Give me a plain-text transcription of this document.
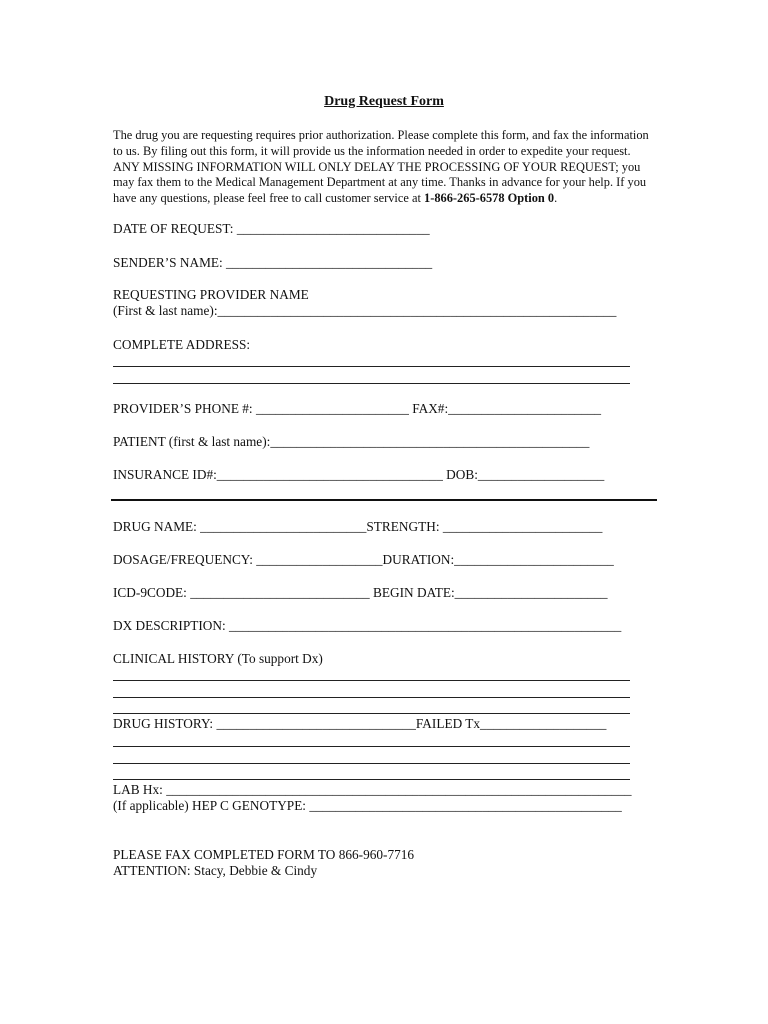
Drug Request Form
The drug you are requesting requires prior authorization. Please complete this form, and fax the information to us. By filing out this form, it will provide us the information needed in order to expedite your request. ANY MISSING INFORMATION WILL ONLY DELAY THE PROCESSING OF YOUR REQUEST; you may fax them to the Medical Management Department at any time. Thanks in advance for your help. If you have any questions, please feel free to call customer service at 1-866-265-6578 Option 0.
DATE OF REQUEST: _____________________________
SENDER’S NAME: _______________________________
REQUESTING PROVIDER NAME
(First & last name):____________________________________________________________
COMPLETE ADDRESS:
PROVIDER’S PHONE #: _______________________ FAX#:_______________________
PATIENT (first & last name):________________________________________________
INSURANCE ID#:__________________________________ DOB:___________________
DRUG NAME: _________________________STRENGTH: ________________________
DOSAGE/FREQUENCY: ___________________DURATION:________________________
ICD-9CODE: ___________________________ BEGIN DATE:_______________________
DX DESCRIPTION: ___________________________________________________________
CLINICAL HISTORY (To support Dx)
DRUG HISTORY: ______________________________FAILED Tx___________________
LAB Hx: ______________________________________________________________________
(If applicable) HEP C GENOTYPE: _______________________________________________
PLEASE FAX COMPLETED FORM TO 866-960-7716
ATTENTION: Stacy, Debbie & Cindy
